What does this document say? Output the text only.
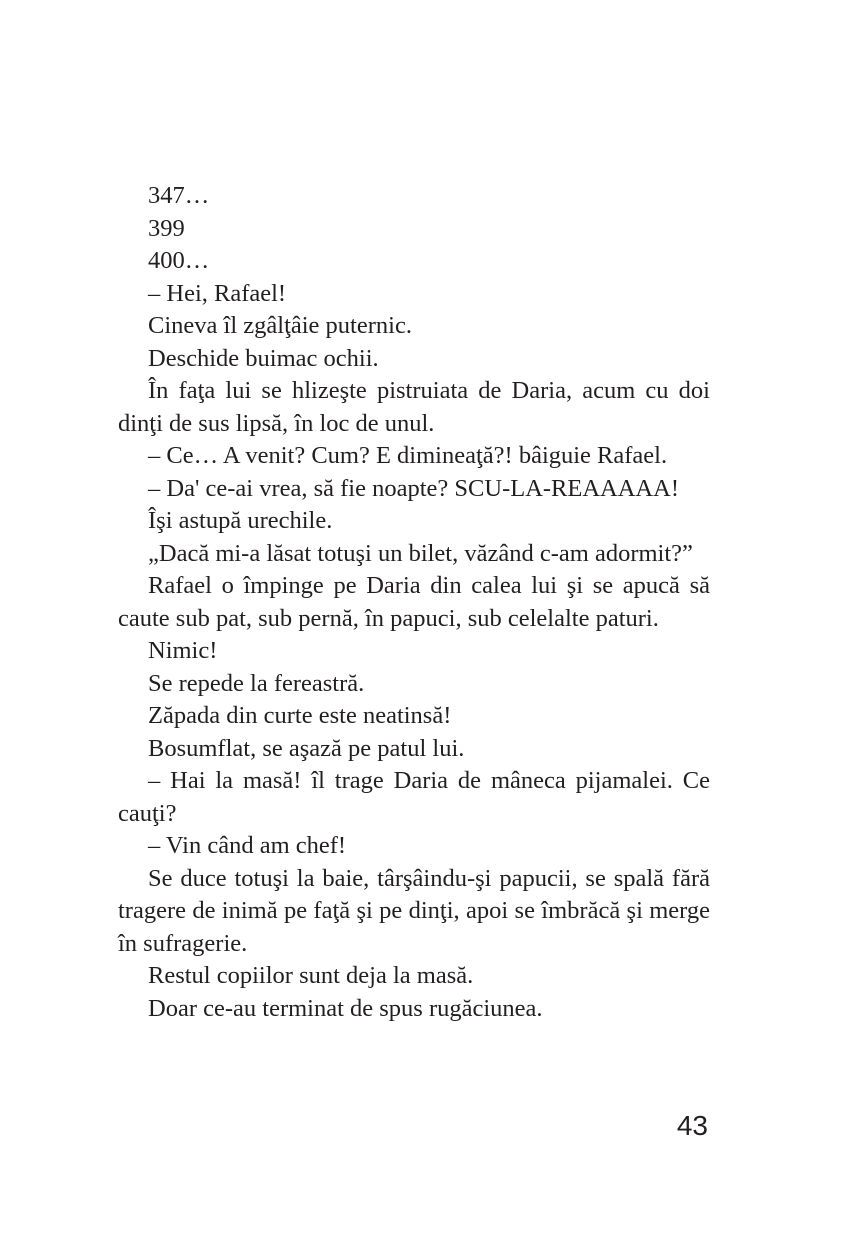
347…

399

400…

– Hei, Rafael!

Cineva îl zgâlţâie puternic.

Deschide buimac ochii.

În faţa lui se hlizeşte pistruiata de Daria, acum cu doi dinţi de sus lipsă, în loc de unul.

– Ce… A venit? Cum? E dimineaţă?! bâiguie Rafael.

– Da' ce-ai vrea, să fie noapte? SCU-LA-REAAAAA!

Îşi astupă urechile.

„Dacă mi-a lăsat totuşi un bilet, văzând c-am adormit?”

Rafael o împinge pe Daria din calea lui şi se apucă să caute sub pat, sub pernă, în papuci, sub celelalte paturi.

Nimic!

Se repede la fereastră.

Zăpada din curte este neatinsă!

Bosumflat, se aşază pe patul lui.

– Hai la masă! îl trage Daria de mâneca pijamalei. Ce cauţi?

– Vin când am chef!

Se duce totuşi la baie, târşâindu-şi papucii, se spală fără tragere de inimă pe faţă şi pe dinţi, apoi se îmbrăcă şi merge în sufragerie.

Restul copiilor sunt deja la masă.

Doar ce-au terminat de spus rugăciunea.

43
